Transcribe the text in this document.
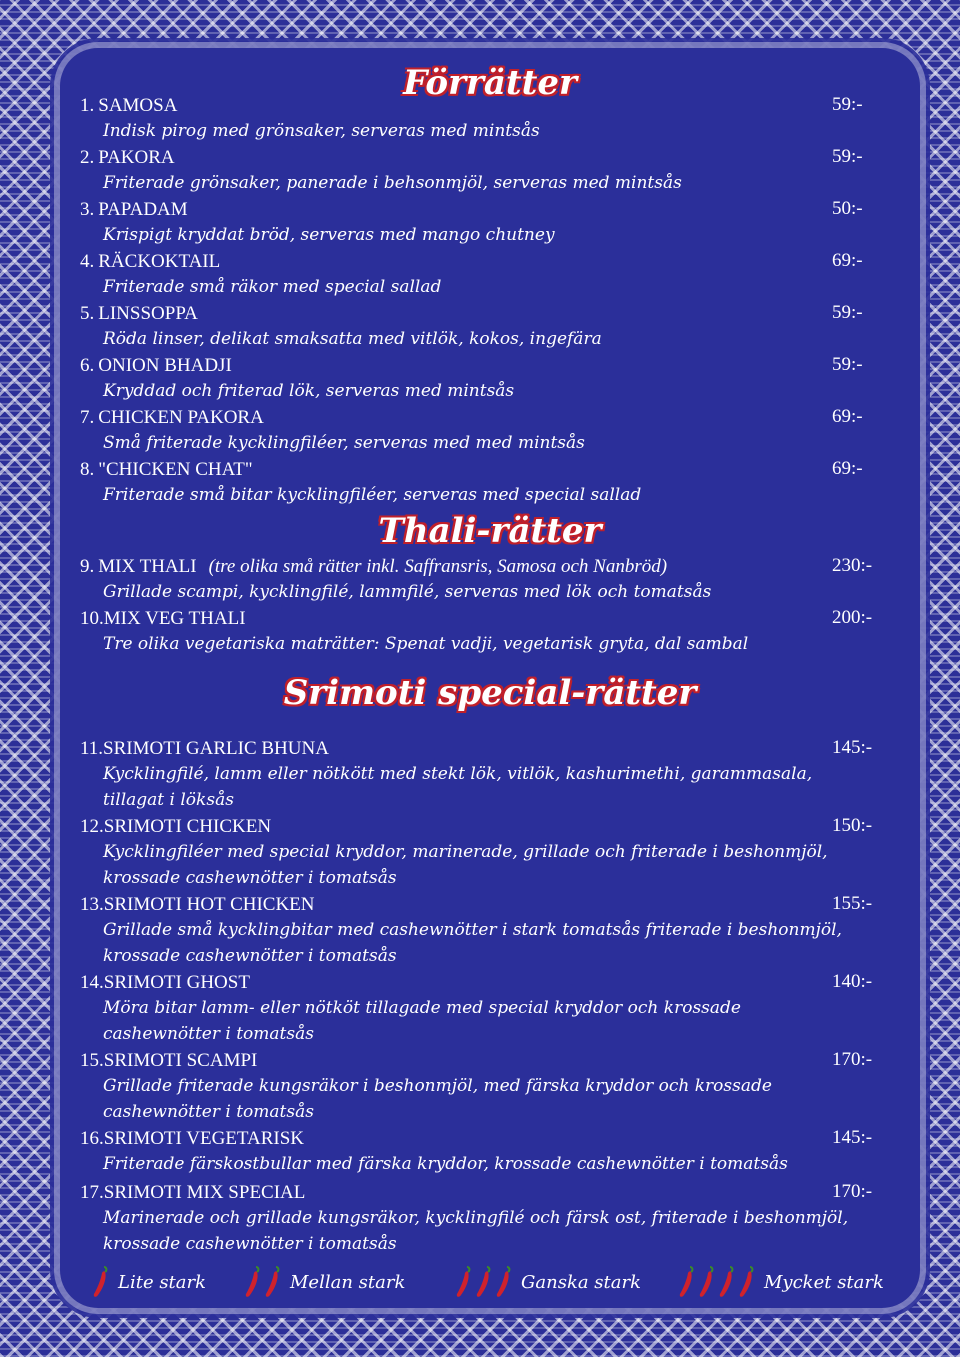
Förrätter
Thali-rätter
Srimoti special-rätter
1. SAMOSA	59:-
Indisk pirog med grönsaker, serveras med mintsås
2. PAKORA	59:-
Friterade grönsaker, panerade i behsonmjöl, serveras med mintsås
3. PAPADAM	50:-
Krispigt kryddat bröd, serveras med mango chutney
4. RÄCKOKTAIL	69:-
Friterade små räkor med special sallad
5. LINSSOPPA	59:-
Röda linser, delikat smaksatta med vitlök, kokos, ingefära
6. ONION BHADJI	59:-
Kryddad och friterad lök, serveras med mintsås
7. CHICKEN PAKORA	69:-
Små friterade kycklingfiléer, serveras med med mintsås
8. "CHICKEN CHAT"	69:-
Friterade små bitar kycklingfiléer, serveras med special sallad
9. MIX THALI (tre olika små rätter inkl. Saffransris, Samosa och Nanbröd)	230:-
Grillade scampi, kycklingfilé, lammfilé, serveras med lök och tomatsås
10.MIX VEG THALI	200:-
Tre olika vegetariska maträtter: Spenat vadji, vegetarisk gryta, dal sambal
11.SRIMOTI GARLIC BHUNA	145:-
Kycklingfilé, lamm eller nötkött med stekt lök, vitlök, kashurimethi, garammasala,
tillagat i löksås
12.SRIMOTI CHICKEN	150:-
Kycklingfiléer med special kryddor, marinerade, grillade och friterade i beshonmjöl,
krossade cashewnötter i tomatsås
13.SRIMOTI HOT CHICKEN	155:-
Grillade små kycklingbitar med cashewnötter i stark tomatsås friterade i beshonmjöl,
krossade cashewnötter i tomatsås
14.SRIMOTI GHOST	140:-
Möra bitar lamm- eller nötköt tillagade med special kryddor och krossade
cashewnötter i tomatsås
15.SRIMOTI SCAMPI	170:-
Grillade friterade kungsräkor i beshonmjöl, med färska kryddor och krossade
cashewnötter i tomatsås
16.SRIMOTI VEGETARISK	145:-
Friterade färskostbullar med färska kryddor, krossade cashewnötter i tomatsås
17.SRIMOTI MIX SPECIAL	170:-
Marinerade och grillade kungsräkor, kycklingfilé och färsk ost, friterade i beshonmjöl,
krossade cashewnötter i tomatsås
Lite stark	Mellan stark	Ganska stark	Mycket stark
